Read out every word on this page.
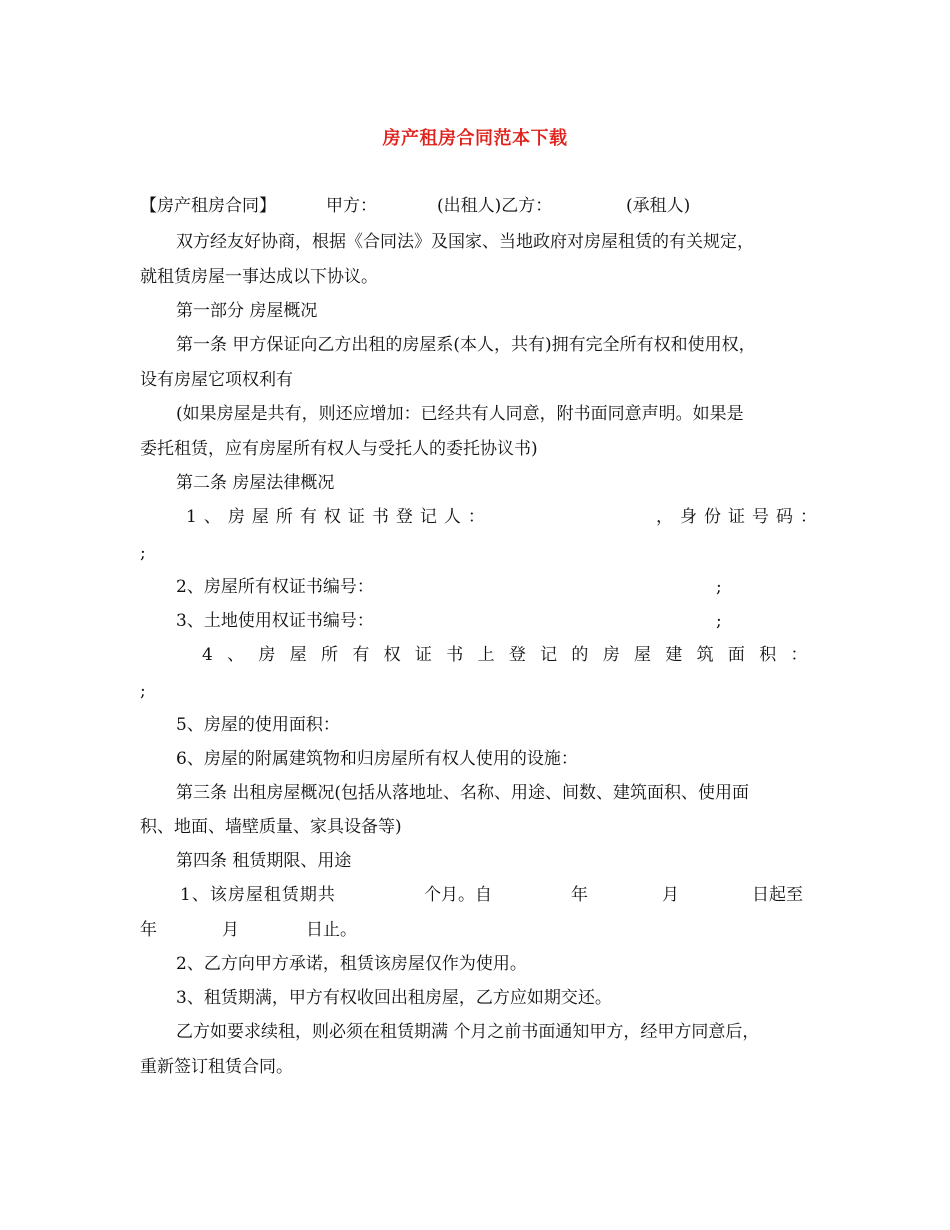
房产租房合同范本下载
【房产租房合同】	甲方：	(出租人)乙方：	(承租人)
双方经友好协商，根据《合同法》及国家、当地政府对房屋租赁的有关规定，
就租赁房屋一事达成以下协议。
第一部分 房屋概况
第一条 甲方保证向乙方出租的房屋系(本人，共有)拥有完全所有权和使用权，
设有房屋它项权利有
(如果房屋是共有，则还应增加：已经共有人同意，附书面同意声明。如果是
委托租赁，应有房屋所有权人与受托人的委托协议书)
第二条 房屋法律概况
1、房屋所有权证书登记人：	，身份证号码：
;
2、房屋所有权证书编号：	;
3、土地使用权证书编号：	;
4、房屋所有权证书上登记的房屋建筑面积：
;
5、房屋的使用面积：
6、房屋的附属建筑物和归房屋所有权人使用的设施：
第三条 出租房屋概况(包括从落地址、名称、用途、间数、建筑面积、使用面
积、地面、墙壁质量、家具设备等)
第四条 租赁期限、用途
1、该房屋租赁期共	个月。自	年	月	日起至
年	月	日止。
2、乙方向甲方承诺，租赁该房屋仅作为使用。
3、租赁期满，甲方有权收回出租房屋，乙方应如期交还。
乙方如要求续租，则必须在租赁期满 个月之前书面通知甲方，经甲方同意后，
重新签订租赁合同。
